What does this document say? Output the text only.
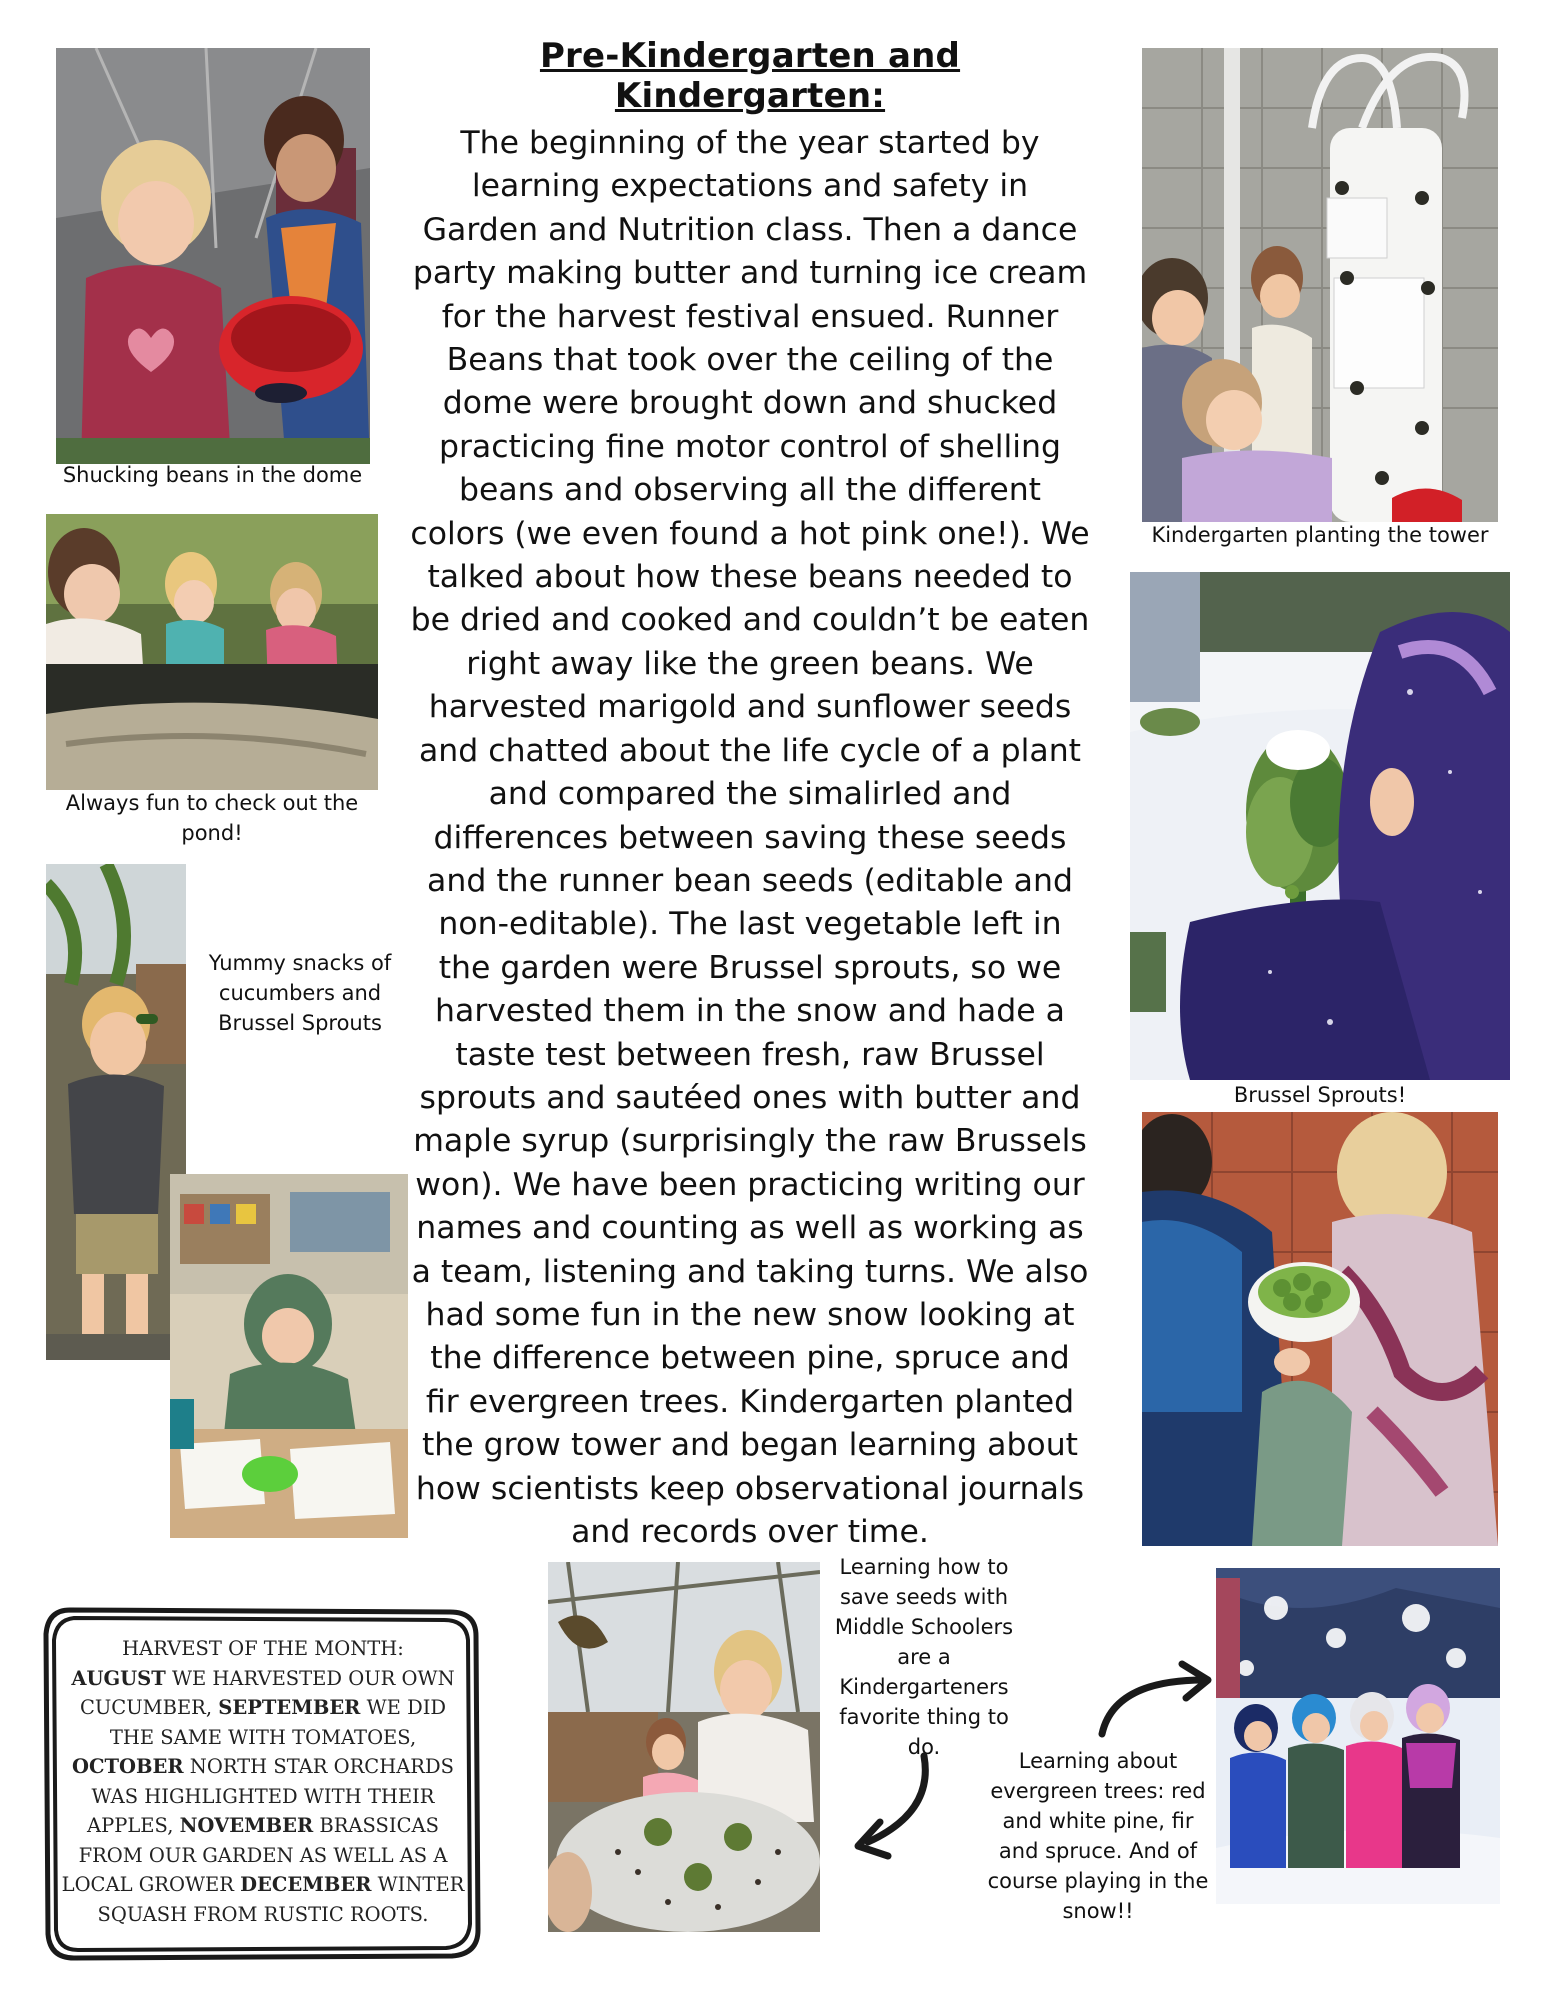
Pre-Kindergarten and Kindergarten:
The beginning of the year started by learning expectations and safety in Garden and Nutrition class. Then a dance party making butter and turning ice cream for the harvest festival ensued. Runner Beans that took over the ceiling of the dome were brought down and shucked practicing fine motor control of shelling beans and observing all the different colors (we even found a hot pink one!). We talked about how these beans needed to be dried and cooked and couldn’t be eaten right away like the green beans. We harvested marigold and sunflower seeds and chatted about the life cycle of a plant and compared the simalirIed and differences between saving these seeds and the runner bean seeds (editable and non-editable). The last vegetable left in the garden were Brussel sprouts, so we harvested them in the snow and hade a taste test between fresh, raw Brussel sprouts and sautéed ones with butter and maple syrup (surprisingly the raw Brussels won). We have been practicing writing our names and counting as well as working as a team, listening and taking turns. We also had some fun in the new snow looking at the difference between pine, spruce and fir evergreen trees. Kindergarten planted the grow tower and began learning about how scientists keep observational journals and records over time.
Shucking beans in the dome
Always fun to check out the pond!
Yummy snacks of cucumbers and Brussel Sprouts
Kindergarten planting the tower
Brussel Sprouts!
HARVEST OF THE MONTH:
AUGUST WE HARVESTED OUR OWN CUCUMBER, SEPTEMBER WE DID THE SAME WITH TOMATOES, OCTOBER NORTH STAR ORCHARDS WAS HIGHLIGHTED WITH THEIR APPLES, NOVEMBER BRASSICAS FROM OUR GARDEN AS WELL AS A LOCAL GROWER DECEMBER WINTER SQUASH FROM RUSTIC ROOTS.
Learning how to save seeds with Middle Schoolers are a Kindergarteners favorite thing to do.
Learning about evergreen trees: red and white pine, fir and spruce. And of course playing in the snow!!
